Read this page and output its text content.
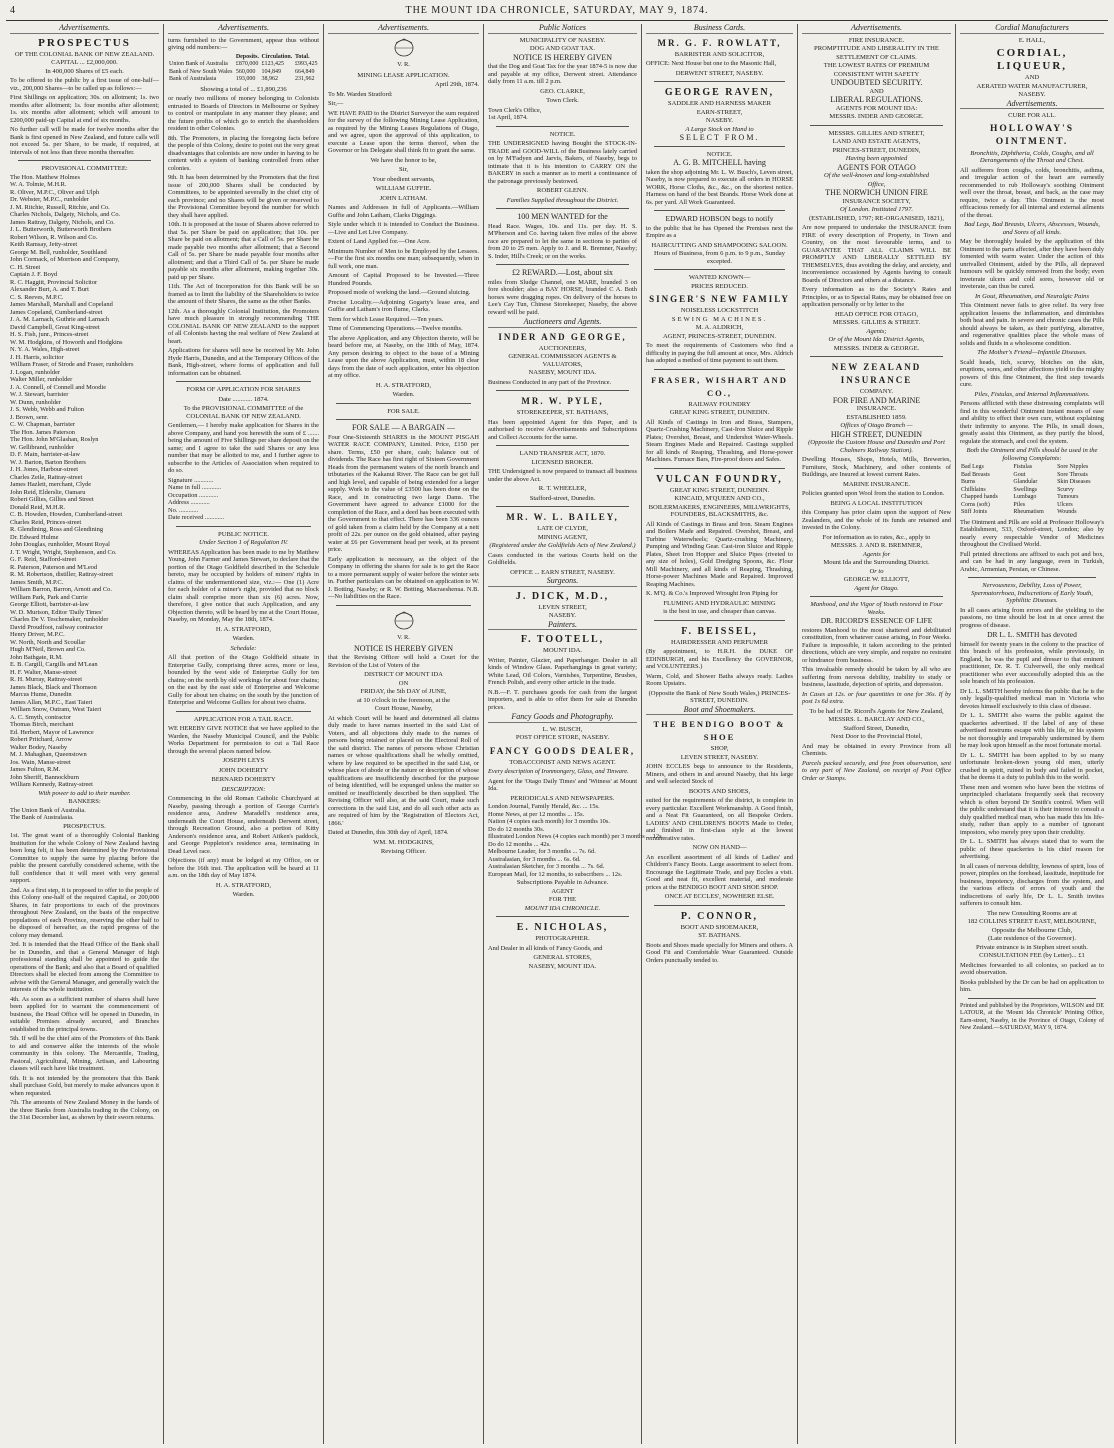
4	THE MOUNT IDA CHRONICLE, SATURDAY, MAY 9, 1874.
Advertisements.
PROSPECTUS
OF THE COLONIAL BANK OF NEW ZEALAND.
CAPITAL ... £2,000,000.
In 400,000 Shares of £5 each.
To be offered to the public by a first issue of one-half—viz., 200,000 Shares—to be called up as follows:—
First Shillings on application; 30s. on allotment; 1s. two months after allotment; 1s. four months after allotment; 1s. six months after allotment; which will amount to £200,000 paid-up Capital at end of six months.
No further call will be made for twelve months after the Bank is first opened in New Zealand, and future calls will not exceed 5s. per Share, to be made, if required, at intervals of not less than three months thereafter.
PROVISIONAL COMMITTEE:
The Hon. Matthew Holmes
W. A. Tolmie, M.H.R.
R. Oliver, M.P.C., Oliver and Ulph
Dr. Webster, M.P.C., runholder
J. M. Ritchie, Russell, Ritchie, and Co.
Charles Nichols, Dalgety, Nichols, and Co.
James Rattray, Dalgety, Nichols, and Co.
J. L. Butterworth, Butterworth Brothers
Robert Wilson, R. Wilson and Co.
Keith Ramsay, Jetty-street
George M. Bell, runholder, Southland
John Cormack, of Morrison and Company,
C. H. Street
Captain J. F. Boyd
R. C. Haggitt, Provincial Solicitor
Alexander Burt, A. and T. Burt
C. S. Reeves, M.P.C.
James Marshall, Marshall and Copeland
James Copeland, Cumberland-street
J. A. M. Larnach, Guthrie and Larnach
David Campbell, Great King-street
H. S. Fish, junr., Princes-street
W. M. Hodgkins, of Howorth and Hodgkins
N. Y. A. Wales, High-street
J. H. Harris, solicitor
William Fraser, of Strode and Fraser, runholders
J. Logan, runholder
Walter Miller, runholder
J. A. Connell, of Connell and Moodie
W. J. Stewart, barrister
W. Dunn, runholder
J. S. Webb, Webb and Fulton
J. Brown, senr.
C. W. Chapman, barrister
The Hon. James Paterson
The Hon. John M'Glashan, Roslyn
W. Gellibrand, runholder
D. F. Main, barrister-at-law
W. J. Barton, Barton Brothers
J. H. Jones, Harbour-street
Charles Zeile, Rattray-street
James Hazlett, merchant, Clyde
John Reid, Elderslie, Oamaru
Robert Gillies, Gillies and Street
Donald Reid, M.H.R.
C. B. Howden, Howden, Cumberland-street
Charles Reid, Princes-street
R. Glendining, Ross and Glendining
Dr. Edward Hulme
John Douglas, runholder, Mount Royal
J. T. Wright, Wright, Stephenson, and Co.
G. F. Reid, Stafford-street
R. Paterson, Paterson and M'Leod
R. M. Robertson, distiller, Rattray-street
James Smith, M.P.C.
William Barron, Barron, Arnott and Co.
William Park, Park and Currie
George Elliott, barrister-at-law
W. D. Murison, Editor 'Daily Times'
Charles De V. Teschemaker, runholder
David Proudfoot, railway contractor
Henry Driver, M.P.C.
W. North, North and Scoullar
Hugh M'Neil, Brown and Co.
John Bathgate, R.M.
E. B. Cargill, Cargills and M'Lean
H. F. Walter, Manse-street
R. H. Murray, Rattray-street
James Black, Black and Thomson
Marcus Hume, Dunedin
James Allan, M.P.C., East Taieri
William Snow, Outram, West Taieri
A. C. Smyth, contractor
Thomas Birch, merchant
Ed. Herbert, Mayor of Lawrence
Robert Pritchard, Arrow
Walter Bodey, Naseby
M. J. Mahaghan, Queenstown
Jos. Wain, Manse-street
James Fulton, R.M.
John Sheriff, Bannockburn
William Kennedy, Rattray-street
With power to add to their number.
BANKERS:
The Union Bank of Australia.
The Bank of Australasia.
PROSPECTUS.
1st. The great want of a thoroughly Colonial Banking Institution for the whole Colony of New Zealand having been long felt, it has been determined by the Provisional Committee to supply the same by placing before the public the present carefully considered scheme, with the full confidence that it will meet with very general support.
2nd. As a first step, it is proposed to offer to the people of this Colony one-half of the required Capital, or 200,000 Shares, in fair proportions to each of the provinces throughout New Zealand, on the basis of the respective populations of each Province, reserving the other half to be disposed of hereafter, as the rapid progress of the colony may demand.
3rd. It is intended that the Head Office of the Bank shall be in Dunedin, and that a General Manager of high professional standing shall be appointed to guide the operations of the Bank; and also that a Board of qualified Directors shall be elected from among the Committee to advise with the General Manager, and generally watch the interests of the whole institution.
4th. As soon as a sufficient number of shares shall have been applied for to warrant the commencement of business, the Head Office will be opened in Dunedin, in suitable Premises already secured, and Branches established in the principal towns.
5th. If will be the chief aim of the Promoters of this Bank to aid and conserve alike the interests of the whole community in this colony. The Mercantile, Trading, Pastoral, Agricultural, Mining, Artisan, and Labouring classes will each have like treatment.
6th. It is not intended by the promoters that this Bank shall purchase Gold, but merely to make advances upon it when requested.
7th. The amounts of New Zealand Money in the hands of the three Banks from Australia trading in the Colony, on the 31st December last, as shown by their sworn returns.
Advertisements.
turns furnished to the Government, appear thus without giving odd numbers:—
	Deposits.	Circulation.	Total.
Union Bank of Australia	£870,000	£123,425	£993,425
Bank of New South Wales	560,000	104,849	664,849
Bank of Australasia	193,000	38,962	231,962
Showing a total of ... £1,890,236
or nearly two millions of money belonging to Colonists entrusted to Boards of Directors in Melbourne or Sydney to control or manipulate in any manner they please; and the future profits of which go to enrich the shareholders resident in other Colonies.
8th. The Promoters, in placing the foregoing facts before the people of this Colony, desire to point out the very great disadvantages that colonists are now under in having to be content with a system of banking controlled from other colonies.
9th. It has been determined by the Promoters that the first issue of 200,000 Shares shall be conducted by Committees, to be appointed severally in the chief city of each province; and no Shares will be given or reserved to the Provisional Committee beyond the number for which they shall have applied.
10th. It is proposed at the issue of Shares above referred to that 5s. per Share be paid on application; that 10s. per Share be paid on allotment; that a Call of 5s. per Share be made payable two months after allotment; that a Second Call of 5s. per Share be made payable four months after allotment; and that a Third Call of 5s. per Share be made payable six months after allotment, making together 30s. paid up per Share.
11th. The Act of Incorporation for this Bank will be so framed as to limit the liability of the Shareholders to twice the amount of their Shares, the same as the other Banks.
12th. As a thoroughly Colonial Institution, the Promoters have much pleasure in strongly recommending THE COLONIAL BANK OF NEW ZEALAND to the support of all Colonists having the real welfare of New Zealand at heart.
Applications for shares will now be received by Mr. John Hyde Harris, Dunedin, and at the Temporary Offices of the Bank, High-street, where forms of application and full information can be obtained.
FORM OF APPLICATION FOR SHARES
Date ............ 1874.
To the PROVISIONAL COMMITTEE of the COLONIAL BANK OF NEW ZEALAND.
Gentlemen,— I hereby make application for Shares in the above Company, and hand you herewith the sum of £ ....... being the amount of Five Shillings per share deposit on the same; and I agree to take the said Shares or any less number that may be allotted to me, and I further agree to subscribe to the Articles of Association when required to do so.
Signature ............
Name in full ............
Occupation ............
Address ............
No. ............
Date received ............
PUBLIC NOTICE.
Under Section 1 of Regulation IV.
WHEREAS Application has been made to me by Matthew Young, John Farmer and James Stewart, to declare that the portion of the Otago Goldfield described in the Schedule hereto, may be occupied by holders of miners' rights in claims of the undermentioned size, viz.:— One (1) Acre for each holder of a miner's right, provided that no block claim shall comprise more than six (6) acres. Now, therefore, I give notice that such Application, and any Objection thereto, will be heard by me at the Court House, Naseby, on Monday, May the 18th, 1874.
H. A. STRATFORD,
Warden.
Schedule:
All that portion of the Otago Goldfield situate in Enterprise Gully, comprising three acres, more or less, bounded by the west side of Enterprise Gully for ten chains; on the north by old workings for about four chains; on the east by the east side of Enterprise and Welcome Gully for about ten chains; on the south by the junction of Enterprise and Welcome Gullies for about two chains.
APPLICATION FOR A TAIL RACE.
WE HEREBY GIVE NOTICE that we have applied to the Warden, the Naseby Municipal Council, and the Public Works Department for permission to cut a Tail Race through the several places named below.
JOSEPH LEYS
JOHN DOHERTY
BERNARD DOHERTY
DESCRIPTION:
Commencing in the old Roman Catholic Churchyard at Naseby, passing through a portion of George Currie's residence area, Andrew Maradell's residence area, underneath the Court House, underneath Derwent street, through Recreation Ground, also a portion of Kitty Anderson's residence area, and Robert Aitken's paddock, and George Poppleton's residence area, terminating in Dead Level race.
Objections (if any) must be lodged at my Office, on or before the 16th inst. The application will be heard at 11 a.m. on the 18th day of May 1874.
H. A. STRATFORD,
Warden.
Advertisements.
V. R.
MINING LEASE APPLICATION.
April 29th, 1874.
To Mr. Warden Stratford:
Sir,—
WE HAVE PAID to the District Surveyor the sum required for the survey of the following Mining Lease Application, as required by the Mining Leases Regulations of Otago, and we agree, upon the approval of this application, to execute a Lease upon the terms thereof, when the Governor or his Delegate shall think fit to grant the same.
We have the honor to be,
Sir,
Your obedient servants,
WILLIAM GUFFIE.
JOHN LATHAM.
Names and Addresses in full of Applicants.—William Guffie and John Latham, Clarks Diggings.
Style under which it is intended to Conduct the Business.—Live and Let Live Company.
Extent of Land Applied for.—One Acre.
Minimum Number of Men to be Employed by the Lessees.—For the first six months one man; subsequently, when in full work, one man.
Amount of Capital Proposed to be Invested.—Three Hundred Pounds.
Proposed mode of working the land.—Ground sluicing.
Precise Locality.—Adjoining Gogarty's lease area, and Guffie and Latham's iron flume, Clarks.
Term for which Lease Required.—Ten years.
Time of Commencing Operations.—Twelve months.
The above Application, and any Objection thereto, will be heard before me, at Naseby, on the 18th of May, 1874. Any person desiring to object to the issue of a Mining Lease upon the above Application, must, within 18 clear days from the date of such application, enter his objection at my office.
H. A. STRATFORD,
Warden.
FOR SALE.
FOR SALE — A BARGAIN —
Four One-Sixteenth SHARES in the MOUNT PISGAH WATER RACE COMPANY, Limited. Price, £150 per share. Terms, £50 per share, cash; balance out of dividends. The Race has first right of Sixteen Government Heads from the permanent waters of the north branch and tributaries of the Kakanui River. The Race can be got full and high level, and capable of being extended for a larger supply. Work to the value of £3500 has been done on the Race, and in constructing two large Dams. The Government have agreed to advance £1000 for the completion of the Race, and a deed has been executed with the Government to that effect. There has been 336 ounces of gold taken from a claim held by the Company at a nett profit of 22s. per ounce on the gold obtained, after paying water at £6 per Government head per week, at its present price.
Early application is necessary, as the object of the Company in offering the shares for sale is to get the Race to a more permanent supply of water before the winter sets in. Further particulars can be obtained on application to W. J. Botting, Naseby; or R. W. Botting, Macraeshenua. N.B.—No liabilities on the Race.
V. R.
NOTICE IS HEREBY GIVEN
that the Revising Officer will hold a Court for the Revision of the List of Voters of the
DISTRICT OF MOUNT IDA
ON
FRIDAY, the 5th DAY of JUNE,
at 10 o'clock in the forenoon, at the
Court House, Naseby,
At which Court will be heard and determined all claims duly made to have names inserted in the said List of Voters, and all objections duly made to the names of persons being retained or placed on the Electoral Roll of the said district. The names of persons whose Christian names or whose qualifications shall be wholly omitted, where by law required to be specified in the said List, or whose place of abode or the nature or description of whose qualifications are insufficiently described for the purpose of being identified, will be expunged unless the matter so omitted or insufficiently described be then supplied. The Revising Officer will also, at the said Court, make such corrections in the said List, and do all such other acts as are required of him by the 'Registration of Electors Act, 1866.'
Dated at Dunedin, this 30th day of April, 1874.
WM. M. HODGKINS,
Revising Officer.
Public Notices
MUNICIPALITY OF NASEBY.
DOG AND GOAT TAX.
NOTICE IS HEREBY GIVEN
that the Dog and Goat Tax for the year 1874-5 is now due and payable at my office, Derwent street. Attendance daily from 11 a.m. till 2 p.m.
GEO. CLARKE,
Town Clerk.
Town Clerk's Office,
1st April, 1874.
NOTICE.
THE UNDERSIGNED having Bought the STOCK-IN-TRADE and GOOD-WILL of the Business lately carried on by M'Fadyen and Jarvis, Bakers, of Naseby, begs to intimate that it is his intention to CARRY ON the BAKERY in such a manner as to merit a continuance of the patronage previously bestowed.
ROBERT GLENN.
Families Supplied throughout the District.
100 MEN WANTED for the
Head Race. Wages, 10s. and 11s. per day. H. S. M'Pherson and Co. having taken five miles of the above race are prepared to let the same in sections to parties of from 20 to 25 men. Apply to J. and R. Bremner, Naseby; S. Inder, Hill's Creek; or on the works.
£2 REWARD.—Lost, about six
miles from Sludge Channel, one MARE, branded 3 on fore shoulder; also a BAY HORSE, branded C A. Both horses were dragging ropes. On delivery of the horses to Lee's Cay Tun, Chinese Storekeeper, Naseby, the above reward will be paid.
Auctioneers and Agents.
INDER AND GEORGE,
AUCTIONEERS,
GENERAL COMMISSION AGENTS & VALUATORS,
NASEBY, MOUNT IDA.
Business Conducted in any part of the Province.
MR. W. PYLE,
STOREKEEPER, ST. BATHANS,
Has been appointed Agent for this Paper, and is authorised to receive Advertisements and Subscriptions and Collect Accounts for the same.
LAND TRANSFER ACT, 1870.
LICENSED BROKER.
THE Undersigned is now prepared to transact all business under the above Act.
R. T. WHEELER,
Stafford-street, Dunedin.
MR. W. L. BAILEY,
LATE OF CLYDE,
MINING AGENT,
(Registered under the Goldfields Acts of New Zealand.)
Cases conducted in the various Courts held on the Goldfields.
OFFICE ... EARN STREET, NASEBY.
Surgeons.
J. DICK, M.D.,
LEVEN STREET,
NASEBY.
Painters.
F. TOOTELL,
MOUNT IDA.
Writer, Painter, Glazier, and Paperhanger. Dealer in all kinds of Window Glass. Paperhangings in great variety; White Lead, Oil Colors, Varnishes, Turpentine, Brushes, French Polish, and every other article in the trade.
N.B.—F. T. purchases goods for cash from the largest importers, and is able to offer them for sale at Dunedin prices.
Fancy Goods and Photography.
L. W. BUSCH,
POST OFFICE STORE, NASEBY.
FANCY GOODS DEALER,
TOBACCONIST AND NEWS AGENT.
Every description of Ironmongery, Glass, and Tinware.
Agent for the 'Otago Daily Times' and 'Witness' at Mount Ida.
PERIODICALS AND NEWSPAPERS.
London Journal, Family Herald, &c. ... 15s.
Home News, at per 12 months ... 15s.
Nation (4 copies each month) for 3 months 10s.
Do do 12 months 30s.
Illustrated London News (4 copies each month) per 3 months ... 12s.
Do do 12 months ... 42s.
Melbourne Leader, for 3 months ... 7s. 6d.
Australasian, for 3 months ... 6s. 6d.
Australasian Sketcher, for 3 months ... 7s. 6d.
European Mail, for 12 months, to subscribers ... 12s.
Subscriptions Payable in Advance.
AGENT
FOR THE
MOUNT IDA CHRONICLE.
E. NICHOLAS,
PHOTOGRAPHER.
And Dealer in all kinds of Fancy Goods, and
GENERAL STORES,
NASEBY, MOUNT IDA.
Business Cards.
MR. G. F. ROWLATT,
BARRISTER AND SOLICITOR,
OFFICE: Next House but one to the Masonic Hall,
DERWENT STREET, NASEBY.
GEORGE RAVEN,
SADDLER AND HARNESS MAKER
EARN-STREET,
NASEBY.
A Large Stock on Hand to
SELECT FROM.
NOTICE.
A. G. B. MITCHELL having
taken the shop adjoining Mr. L. W. Busch's, Leven street, Naseby, is now prepared to execute all orders in HORSE WORK, Horse Cloths, &c., &c., on the shortest notice. Harness on hand of the best Brands. Horse Work done at 6s. per yard. All Work Guaranteed.
EDWARD HOBSON begs to notify
to the public that he has Opened the Premises next the Empire as a
HAIRCUTTING AND SHAMPOOING SALOON.
Hours of Business, from 6 p.m. to 9 p.m., Sunday excepted.
WANTED KNOWN—
PRICES REDUCED.
SINGER'S NEW FAMILY
NOISELESS LOCKSTITCH
SEWING MACHINES.
M. A. ALDRICH,
AGENT, PRINCES-STREET, DUNEDIN.
To meet the requirements of Customers who find a difficulty in paying the full amount at once, Mrs. Aldrich has adopted a method of time payment to suit them.
FRASER, WISHART AND CO.,
RAILWAY FOUNDRY
GREAT KING STREET, DUNEDIN.
All Kinds of Castings in Iron and Brass, Stampers, Quartz-Crushing Machinery, Cast-Iron Sluice and Ripple Plates; Overshot, Breast, and Undershot Water-Wheels. Steam Engines Made and Repaired. Castings supplied for all kinds of Reaping, Thrashing, and Horse-power Machines. Furnace Bars, Fire-proof doors and Safes.
VULCAN FOUNDRY,
GREAT KING STREET, DUNEDIN.
KINCAID, M'QUEEN AND CO.,
BOILERMAKERS, ENGINEERS, MILLWRIGHTS, FOUNDERS, BLACKSMITHS, &c.
All Kinds of Castings in Brass and Iron. Steam Engines and Boilers Made and Repaired. Overshot, Breast, and Turbine Waterwheels; Quartz-crushing Machinery, Pumping and Winding Gear. Cast-iron Sluice and Ripple Plates, Sheet Iron Hopper and Sluice Pipes (riveted to any size of holes), Gold Dredging Spoons, &c. Flour Mill Machinery, and all kinds of Reaping, Thrashing, Horse-power Machines Made and Repaired. Improved Reaping Machines.
K. M'Q. & Co.'s Improved Wrought Iron Piping for
FLUMING AND HYDRAULIC MINING
is the best in use, and cheaper than canvas.
F. BEISSEL,
HAIRDRESSER AND PERFUMER
(By appointment, to H.R.H. the DUKE OF EDINBURGH, and his Excellency the GOVERNOR, and VOLUNTEERS.)
Warm, Cold, and Shower Baths always ready. Ladies Room Upstairs.
(Opposite the Bank of New South Wales,) PRINCES-STREET, DUNEDIN.
Boot and Shoemakers.
THE BENDIGO BOOT & SHOE
SHOP,
LEVEN STREET, NASEBY.
JOHN ECCLES begs to announce to the Residents, Miners, and others in and around Naseby, that his large and well selected Stock of
BOOTS AND SHOES,
suited for the requirements of the district, is complete in every particular. Excellent Workmanship. A Good finish, and a Neat Fit Guaranteed, on all Bespoke Orders. LADIES' AND CHILDREN'S BOOTS Made to Order, and finished in first-class style at the lowest remunerative rates.
NOW ON HAND—
An excellent assortment of all kinds of Ladies' and Children's Fancy Boots. Large assortment to select from. Encourage the Legitimate Trade, and pay Eccles a visit. Good and neat fit, excellent material, and moderate prices at the BENDIGO BOOT AND SHOE SHOP.
ONCE AT ECCLES', NOWHERE ELSE.
P. CONNOR,
BOOT AND SHOEMAKER,
ST. BATHANS.
Boots and Shoes made specially for Miners and others. A Good Fit and Comfortable Wear Guaranteed. Outside Orders punctually tended to.
Advertisements.
FIRE INSURANCE.
PROMPTITUDE AND LIBERALITY IN THE
SETTLEMENT OF CLAIMS.
THE LOWEST RATES OF PREMIUM
CONSISTENT WITH SAFETY
UNDOUBTED SECURITY.
AND
LIBERAL REGULATIONS.
AGENTS FOR MOUNT IDA:
MESSRS. INDER AND GEORGE.
MESSRS. GILLIES AND STREET,
LAND AND ESTATE AGENTS,
PRINCES-STREET, DUNEDIN,
Having been appointed
AGENTS FOR OTAGO
Of the well-known and long-established
Office,
THE NORWICH UNION FIRE
INSURANCE SOCIETY,
Of London. Instituted 1797.
(ESTABLISHED, 1797; RE-ORGANISED, 1821),
Are now prepared to undertake the INSURANCE from FIRE of every description of Property, in Town and Country, on the most favourable terms, and to GUARANTEE THAT ALL CLAIMS WILL BE PROMPTLY AND LIBERALLY SETTLED BY THEMSELVES, thus avoiding the delay, and anxiety, and inconvenience occasioned by Agents having to consult Boards of Directors and others at a distance.
Every information as to the Society's Rates and Principles, or as to Special Rates, may be obtained free on application personally or by letter to the
HEAD OFFICE FOR OTAGO,
MESSRS. GILLIES & STREET.
Agents;
Or of the Mount Ida District Agents,
MESSRS. INDER & GEORGE.
NEW ZEALAND INSURANCE
COMPANY.
FOR FIRE AND MARINE
INSURANCE.
ESTABLISHED 1859.
Offices of Otago Branch —
HIGH STREET, DUNEDIN
(Opposite the Custom House and Dunedin and Port Chalmers Railway Station).
Dwelling Houses, Shops, Hotels, Mills, Breweries, Furniture, Stock, Machinery, and other contents of Buildings, are Insured at lowest current Rates.
MARINE INSURANCE.
Policies granted upon Wool from the station to London.
BEING A LOCAL INSTITUTION
this Company has prior claim upon the support of New Zealanders, and the whole of its funds are retained and invested in the Colony.
For information as to rates, &c., apply to
MESSRS. J. AND R. BREMNER,
Agents for
Mount Ida and the Surrounding District.
Or to
GEORGE W. ELLIOTT,
Agent for Otago.
Manhood, and the Vigor of Youth restored in Four Weeks.
DR. RICORD'S ESSENCE OF LIFE
restores Manhood to the most shattered and debilitated constitution, from whatever cause arising, in Four Weeks. Failure is impossible, it taken according to the printed directions, which are very simple, and require no restraint or hindrance from business.
This invaluable remedy should be taken by all who are suffering from nervous debility, inability to study or business, lassitude, dejection of spirits, and depression.
In Cases at 12s. or four quantities in one for 36s. If by post 1s 6d extra.
To be had of Dr. Ricord's Agents for New Zealand,
MESSRS. L. BARCLAY AND CO.,
Stafford Street, Dunedin,
Next Door to the Provincial Hotel,
And may be obtained in every Province from all Chemists.
Parcels packed securely, and free from observation, sent to any part of New Zealand, on receipt of Post Office Order or Stamps.
Cordial Manufacturers
E. HALL,
CORDIAL, LIQUEUR,
AND
AERATED WATER MANUFACTURER,
NASEBY.
Advertisements.
CURE FOR ALL.
HOLLOWAY'S OINTMENT.
Bronchitis, Diphtheria, Colds, Coughs, and all Derangements of the Throat and Chest.
All sufferers from coughs, colds, bronchitis, asthma, and irregular action of the heart are earnestly recommended to rub Holloway's soothing Ointment well over the throat, breast, and back, as the case may require, twice a day. This Ointment is the most efficacious remedy for all internal and external ailments of the throat.
Bad Legs, Bad Breasts, Ulcers, Abscesses, Wounds, and Sores of all kinds.
May be thoroughly healed by the application of this Ointment to the parts affected, after they have been duly fomented with warm water. Under the action of this unrivalled Ointment, aided by the Pills, all depraved humours will be quickly removed from the body; even inveterate ulcers and cold sores, however old or inveterate, can thus be cured.
In Gout, Rheumatism, and Neuralgic Pains
This Ointment never fails to give relief. Its very free application lessens the inflammation, and diminishes both heat and pain. In severe and chronic cases the Pills should always be taken, as their purifying, alterative, and regenerative qualities place the whole mass of solids and fluids in a wholesome condition.
The Mother's Friend—Infantile Diseases.
Scald heads, itch, scurvy, blotches on the skin, eruptions, sores, and other affections yield to the mighty powers of this fine Ointment, the first step towards cure.
Piles, Fistulas, and Internal Inflammations.
Persons afflicted with these distressing complaints will find in this wonderful Ointment instant means of ease and ability to effect their own cure, without explaining their infirmity to anyone. The Pills, in small doses, greatly assist this Ointment, as they purify the blood, regulate the stomach, and cool the system.
Both the Ointment and Pills should be used in the following Complaints:
Bad Legs	Fistulas	Sore Nipples
Bad Breasts	Gout	Sore Throats
Burns	Glandular	Skin Diseases
Chilblains	Swellings	Scurvy
Chapped hands	Lumbago	Tumours
Corns (soft)	Piles	Ulcers
Stiff Joints	Rheumatism	Wounds
The Ointment and Pills are sold at Professor Holloway's Establishment, 533, Oxford-street, London; also by nearly every respectable Vendor of Medicines throughout the Civilised World.
Full printed directions are affixed to each pot and box, and can be had in any language, even in Turkish, Arabic, Armenian, Persian, or Chinese.
Nervousness, Debility, Loss of Power, Spermatorrhoea, Indiscretions of Early Youth, Syphilitic Diseases.
In all cases arising from errors and the yielding to the passions, no time should be lost in at once arrest the progress of disease.
DR L. L. SMITH has devoted
himself for twenty years in the colony to the practice of this branch of his profession, while previously, in England, he was the pupil and dresser to that eminent practitioner, Dr. R. T. Culverwell, the only medical practitioner who ever successfully adopted this as the sole branch of his profession.
Dr L. L. SMITH hereby informs the public that he is the only legally-qualified medical man in Victoria who devotes himself exclusively to this class of disease.
Dr L. L. SMITH also warns the public against the quackeries advertised. If the label of any of these advertised nostrums escape with his life, or his system be not thoroughly and irreparably undermined by them he may look upon himself as the most fortunate mortal.
Dr L. L. SMITH has been applied to by so many unfortunate broken-down young old men, utterly crushed in spirit, ruined in body and failed in pocket, that he deems it a duty to publish this to the world.
These men and women who have been the victims of unprincipled charlatans frequently seek that recovery which is often beyond Dr Smith's control. When will the public understand that it is their interest to consult a duly qualified medical man, who has made this his life-study, rather than apply to a number of ignorant impostors, who merely prey upon their credulity.
Dr L. L. SMITH has always stated that to warn the public of these quackeries is his chief reason for advertising.
In all cases of nervous debility, lowness of spirit, loss of power, pimples on the forehead, lassitude, ineptitude for business, impotency, discharges from the system, and the various effects of errors of youth and the indiscretions of early life, Dr L. L. Smith invites sufferers to consult him.
The new Consulting Rooms are at
182 COLLINS STREET EAST, MELBOURNE,
Opposite the Melbourne Club,
(Late residence of the Governor).
Private entrance is in Stephen street south.
CONSULTATION FEE (by Letter)... £1
Medicines forwarded to all colonies, so packed as to avoid observation.
Books published by the Dr can be had on application to him.
Printed and published by the Proprietors, WILSON and DE LATOUR, at the 'Mount Ida Chronicle' Printing Office, Earn-street, Naseby, in the Province of Otago, Colony of New Zealand.—SATURDAY, MAY 9, 1874.
